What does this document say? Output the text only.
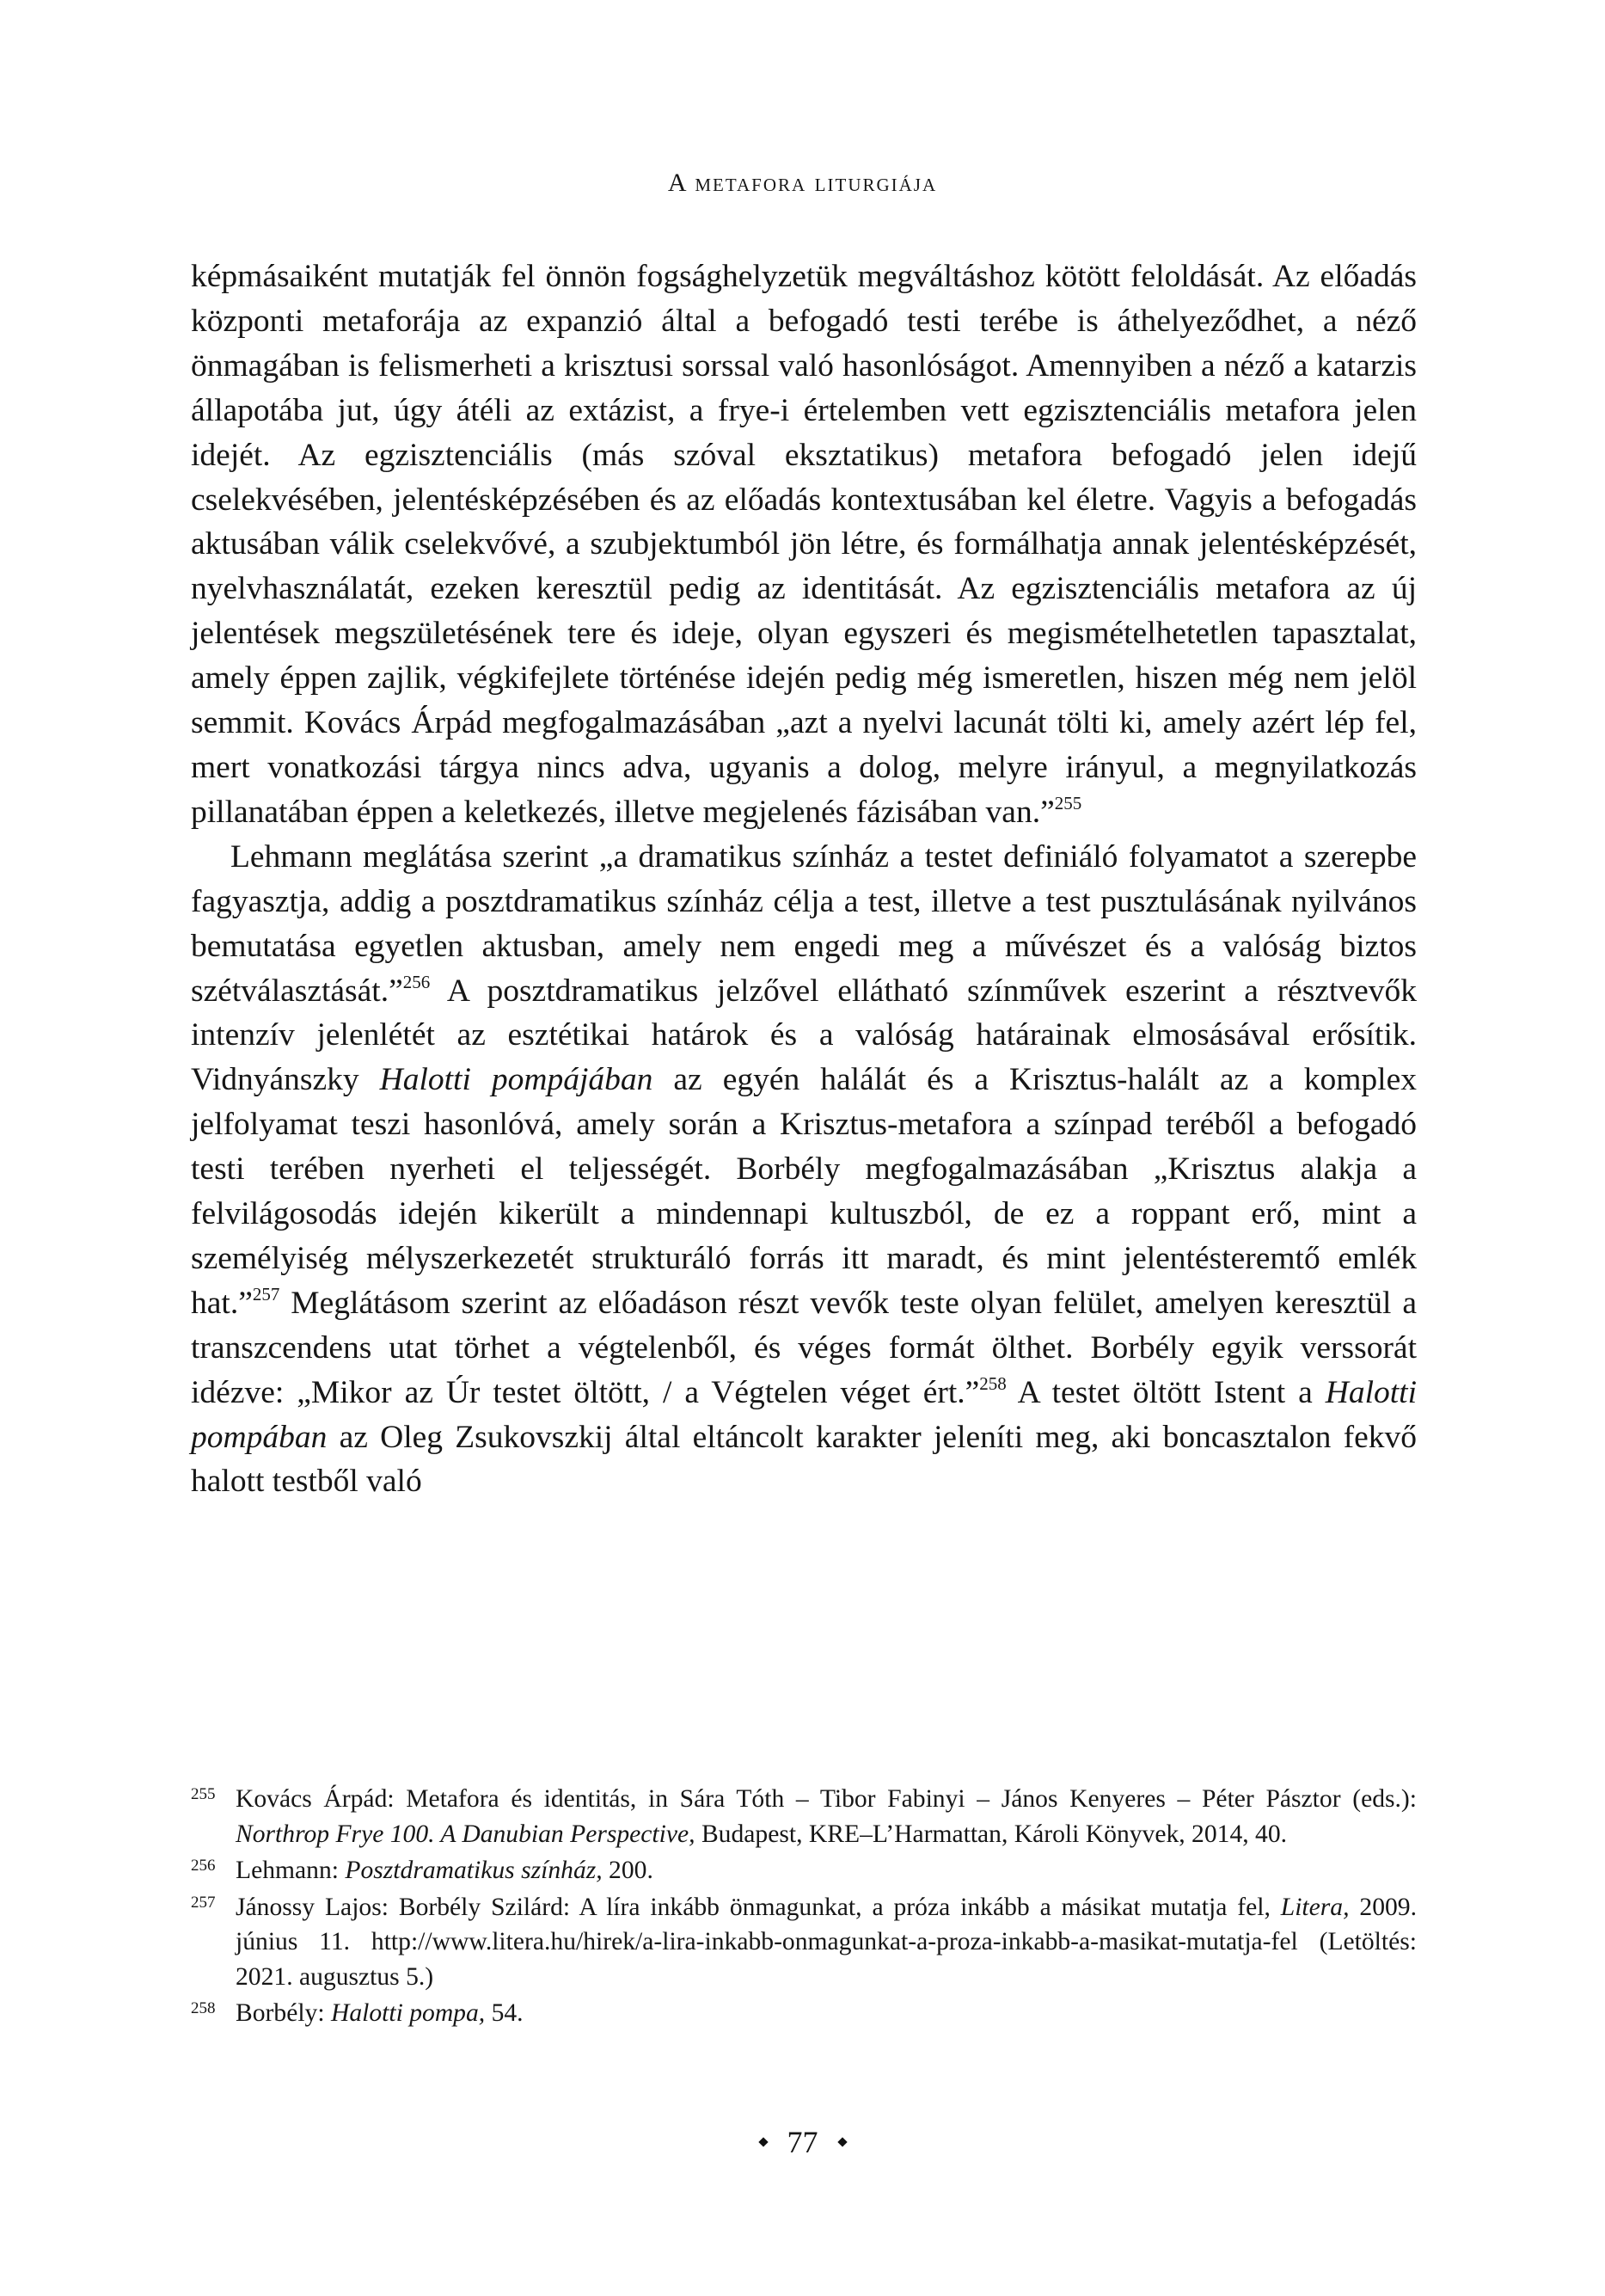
A metafora liturgiája

képmásaiként mutatják fel önnön fogsághelyzetük megváltáshoz kötött feloldását. Az előadás központi metaforája az expanzió által a befogadó testi terébe is áthelyeződhet, a néző önmagában is felismerheti a krisztusi sorssal való hasonlóságot. Amennyiben a néző a katarzis állapotába jut, úgy átéli az extázist, a frye-i értelemben vett egzisztenciális metafora jelen idejét. Az egzisztenciális (más szóval eksztatikus) metafora befogadó jelen idejű cselekvésében, jelentésképzésében és az előadás kontextusában kel életre. Vagyis a befogadás aktusában válik cselekvővé, a szubjektumból jön létre, és formálhatja annak jelentésképzését, nyelvhasználatát, ezeken keresztül pedig az identitását. Az egzisztenciális metafora az új jelentések megszületésének tere és ideje, olyan egyszeri és megismételhetetlen tapasztalat, amely éppen zajlik, végkifejlete történése idején pedig még ismeretlen, hiszen még nem jelöl semmit. Kovács Árpád megfogalmazásában „azt a nyelvi lacunát tölti ki, amely azért lép fel, mert vonatkozási tárgya nincs adva, ugyanis a dolog, melyre irányul, a megnyilatkozás pillanatában éppen a keletkezés, illetve megjelenés fázisában van.”$^{255}$

Lehmann meglátása szerint „a dramatikus színház a testet definiáló folyamatot a szerepbe fagyasztja, addig a posztdramatikus színház célja a test, illetve a test pusztulásának nyilvános bemutatása egyetlen aktusban, amely nem engedi meg a művészet és a valóság biztos szétválasztását.”$^{256}$ A posztdramatikus jelzővel ellátható színművek eszerint a résztvevők intenzív jelenlétét az esztétikai határok és a valóság határainak elmosásával erősítik. Vidnyánszky Halotti pompájában az egyén halálát és a Krisztus-halált az a komplex jelfolyamat teszi hasonlóvá, amely során a Krisztus-metafora a színpad teréből a befogadó testi terében nyerheti el teljességét. Borbély megfogalmazásában „Krisztus alakja a felvilágosodás idején kikerült a mindennapi kultuszból, de ez a roppant erő, mint a személyiség mélyszerkezetét strukturáló forrás itt maradt, és mint jelentésteremtő emlék hat.”$^{257}$ Meglátásom szerint az előadáson részt vevők teste olyan felület, amelyen keresztül a transzcendens utat törhet a végtelenből, és véges formát ölthet. Borbély egyik verssorát idézve: „Mikor az Úr testet öltött, / a Végtelen véget ért.”$^{258}$ A testet öltött Istent a Halotti pompában az Oleg Zsukovszkij által eltáncolt karakter jeleníti meg, aki boncasztalon fekvő halott testből való

255 Kovács Árpád: Metafora és identitás, in Sára Tóth – Tibor Fabinyi – János Kenyeres – Péter Pásztor (eds.): Northrop Frye 100. A Danubian Perspective, Budapest, KRE–L’Harmattan, Károli Könyvek, 2014, 40.
256 Lehmann: Posztdramatikus színház, 200.
257 Jánossy Lajos: Borbély Szilárd: A líra inkább önmagunkat, a próza inkább a másikat mutatja fel, Litera, 2009. június 11. http://www.litera.hu/hirek/a-lira-inkabb-onmagunkat-a-proza-inkabb-a-masikat-mutatja-fel (Letöltés: 2021. augusztus 5.)
258 Borbély: Halotti pompa, 54.
77
